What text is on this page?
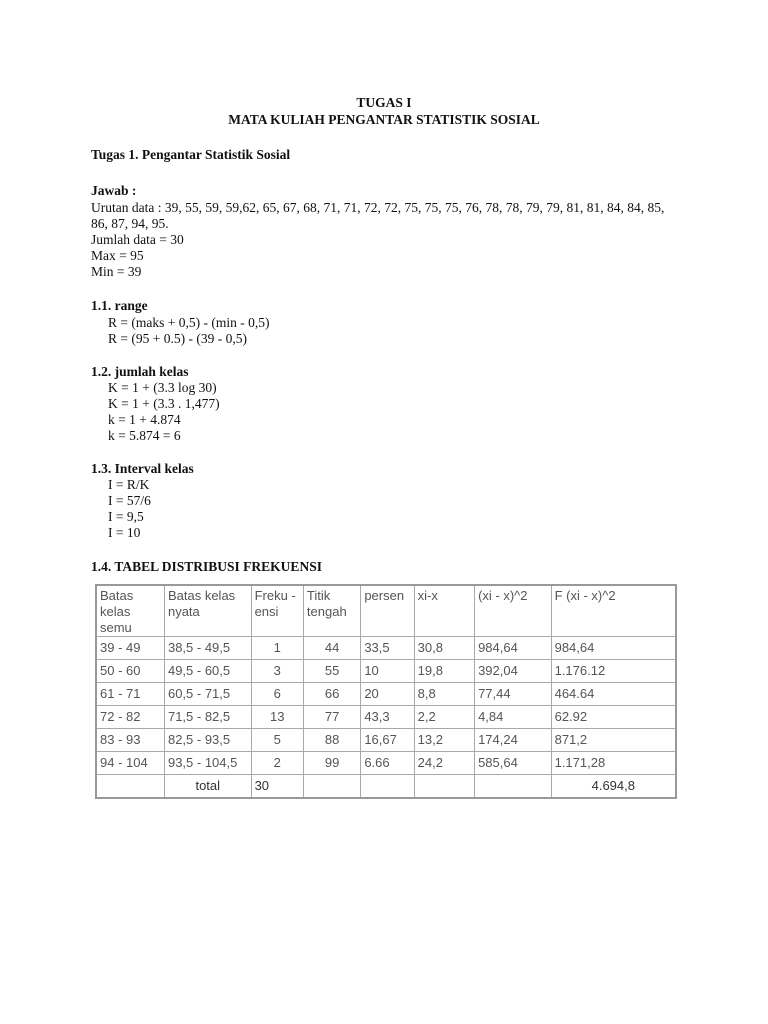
TUGAS I
MATA KULIAH PENGANTAR STATISTIK SOSIAL
Tugas 1. Pengantar Statistik Sosial
Jawab :
Urutan data : 39, 55, 59, 59,62, 65, 67, 68, 71, 71, 72, 72, 75, 75, 75, 76, 78, 78, 79, 79, 81, 81, 84, 84, 85,
86, 87, 94, 95.
Jumlah data = 30
Max = 95
Min = 39
1.1. range
R = (maks + 0,5) - (min - 0,5)
R = (95 + 0.5) - (39 - 0,5)
1.2. jumlah kelas
K = 1 + (3.3 log 30)
K = 1 + (3.3 . 1,477)
k = 1 + 4.874
k = 5.874 = 6
1.3. Interval kelas
I = R/K
I = 57/6
I = 9,5
I = 10
1.4. TABEL DISTRIBUSI FREKUENSI
Batas kelas semu	Batas kelas nyata	Freku -ensi	Titik tengah	persen	xi-x	(xi - x)^2	F (xi - x)^2
39 - 49	38,5 - 49,5	1	44	33,5	30,8	984,64	984,64
50 - 60	49,5 - 60,5	3	55	10	19,8	392,04	1.176.12
61 - 71	60,5 - 71,5	6	66	20	8,8	77,44	464.64
72 - 82	71,5 - 82,5	13	77	43,3	2,2	4,84	62.92
83 - 93	82,5 - 93,5	5	88	16,67	13,2	174,24	871,2
94 - 104	93,5 - 104,5	2	99	6.66	24,2	585,64	1.171,28
	total	30					4.694,8
